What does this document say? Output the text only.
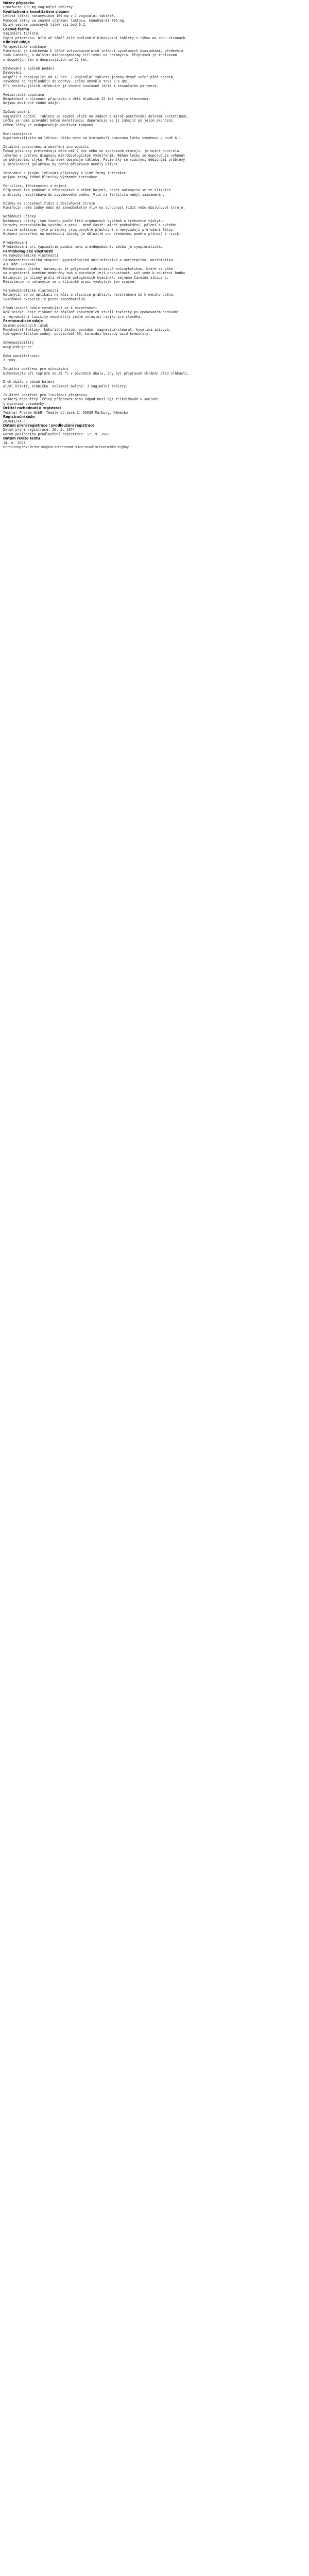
Název přípravku
Pimafucin 100 mg vaginální tablety
Kvalitativní a kvantitativní složení
Léčivá látka: natamycinum 100 mg v 1 vaginální tabletě.
Pomocné látky se známým účinkem: laktosa, monohydrát 705 mg.
Úplný seznam pomocných látek viz bod 6.1.
Léková forma
Vaginální tableta.
Popis přípravku: bílé až téměř bílé podlouhlé bikonvexní tablety s rýhou na obou stranách.
Klinické údaje
Terapeutické indikace
Pimafucin je indikován k léčbě vulvovaginálních infekcí vyvolaných kvasinkami, především
rodu Candida, a dalšími mikroorganismy citlivými na natamycin. Přípravek je indikován
u dospělých žen a dospívajících od 12 let.
Dávkování a způsob podání
Dávkování
Dospělí a dospívající od 12 let: 1 vaginální tableta jednou denně večer před spaním,
zavedená co nejhlouběji do pochvy. Léčba obvykle trvá 3-6 dní.
Při recidivujících infekcích je vhodné současně léčit i sexuálního partnera.
Pediatrická populace
Bezpečnost a účinnost přípravku u dětí mladších 12 let nebyla stanovena.
Nejsou dostupné žádné údaje.
Způsob podání
Vaginální podání. Tableta se zavádí vleže na zádech s mírně pokrčenými dolními končetinami.
Léčba se nemá provádět během menstruace; doporučuje se ji zahájit po jejím skončení.
Během léčby se nedoporučuje používat tampony.
Kontraindikace
Hypersenzitivita na léčivou látku nebo na kteroukoli pomocnou látku uvedenou v bodě 6.1.
Zvláštní upozornění a opatření pro použití
Pokud příznaky přetrvávají déle než 7 dní nebo se opakovaně vracejí, je nutná kontrola
lékařem a ověření diagnózy mikrobiologickým vyšetřením. Během léčby se doporučuje vyhnout
se pohlavnímu styku. Přípravek obsahuje laktosu. Pacientky se vzácnými dědičnými problémy
s intolerancí galaktosy by tento přípravek neměly užívat.
Interakce s jinými léčivými přípravky a jiné formy interakce
Nejsou známy žádné klinicky významné interakce.
Fertilita, těhotenství a kojení
Přípravek lze podávat v těhotenství a během kojení, neboť natamycin se ze sliznice
prakticky nevstřebává do systémového oběhu. Vliv na fertilitu nebyl zaznamenán.
Účinky na schopnost řídit a obsluhovat stroje
Pimafucin nemá žádný nebo má zanedbatelný vliv na schopnost řídit nebo obsluhovat stroje.
Nežádoucí účinky
Nežádoucí účinky jsou řazeny podle tříd orgánových systémů a frekvence výskytu.
Poruchy reprodukčního systému a prsu - méně časté: mírné podráždění, pálení a svědění
v místě aplikace; tyto příznaky jsou obvykle přechodné a nevyžadují přerušení léčby.
Hlášení podezření na nežádoucí účinky je důležité pro sledování poměru přínosů a rizik.
Předávkování
Předávkování při vaginálním podání není pravděpodobné. Léčba je symptomatická.
Farmakologické vlastnosti
Farmakodynamické vlastnosti
Farmakoterapeutická skupina: gynekologická antiinfektiva a antiseptika, antibiotika.
ATC kód: G01AA02.
Mechanismus účinku: natamycin je polyenové makrolidové antimykotikum, které se váže
na ergosterol buněčné membrány hub a porušuje její propustnost, což vede k odumření buňky.
Natamycin je účinný proti většině patogenních kvasinek, zejména Candida albicans.
Rezistence na natamycin se v klinické praxi vyskytuje jen vzácně.
Farmakokinetické vlastnosti
Natamycin se po aplikaci na kůži a sliznice prakticky nevstřebává do krevního oběhu.
Systémová expozice je proto zanedbatelná.
Předklinické údaje vztahující se k bezpečnosti
Neklinické údaje získané na základě konvenčních studií toxicity po opakovaném podávání
a reprodukční toxicity neodhalily žádné zvláštní riziko pro člověka.
Farmaceutické údaje
Seznam pomocných látek
Monohydrát laktosy, kukuřičný škrob, povidon, magnesium-stearát, kyselina adipová,
hydrogenuhličitan sodný, polysorbát 80, koloidní bezvodý oxid křemičitý.
Inkompatibility
Neuplatňuje se.
Doba použitelnosti
3 roky.
Zvláštní opatření pro uchovávání
Uchovávejte při teplotě do 25 °C v původním obalu, aby byl přípravek chráněn před vlhkostí.
Druh obalu a obsah balení
Al/Al blistr, krabička. Velikost balení: 3 vaginální tablety.
Zvláštní opatření pro likvidaci přípravku
Veškerý nepoužitý léčivý přípravek nebo odpad musí být zlikvidován v souladu
s místními požadavky.
Držitel rozhodnutí o registraci
Temmler Pharma GmbH, Temmlerstrasse 2, 35039 Marburg, Německo
Registrační číslo
26/041/74-C
Datum první registrace / prodloužení registrace
Datum první registrace: 26. 2. 1974
Datum posledního prodloužení registrace: 17. 9. 2008
Datum revize textu
14. 6. 2021
Remaining text in the original screenshot is too small to transcribe legibly.
